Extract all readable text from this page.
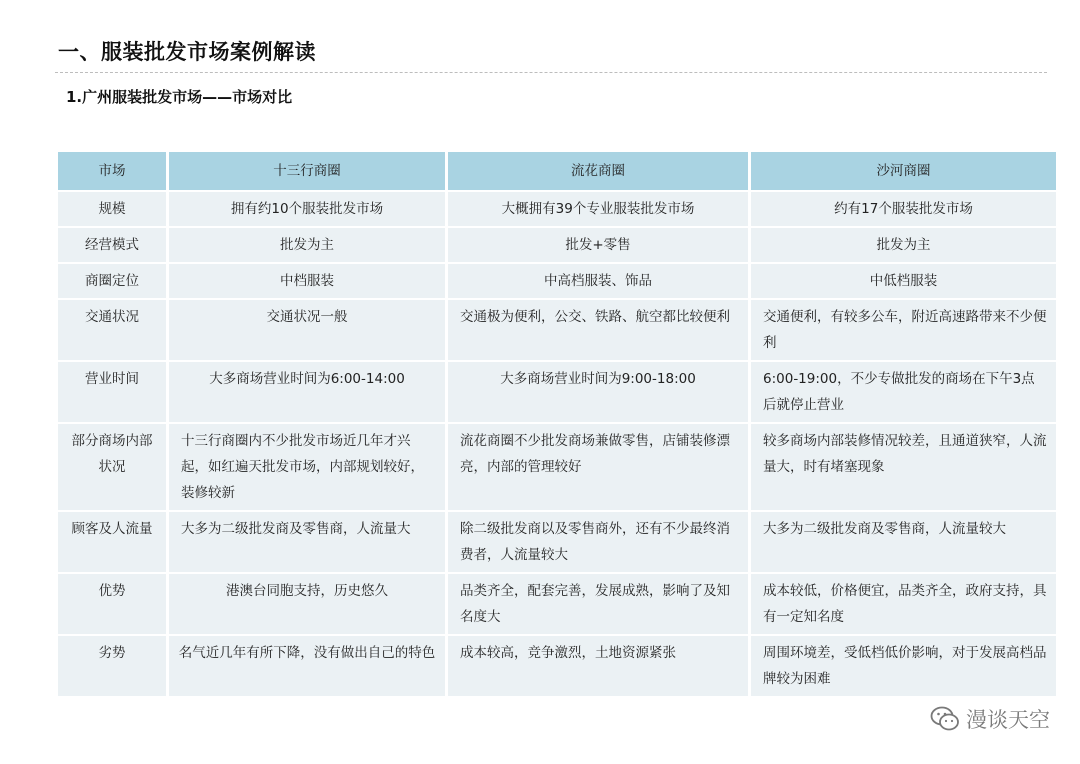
一、服装批发市场案例解读
1.广州服装批发市场——市场对比
市场	十三行商圈	流花商圈	沙河商圈
规模	拥有约10个服装批发市场	大概拥有39个专业服装批发市场	约有17个服装批发市场
经营模式	批发为主	批发+零售	批发为主
商圈定位	中档服装	中高档服装、饰品	中低档服装
交通状况	交通状况一般	交通极为便利，公交、铁路、航空都比较便利	交通便利，有较多公车，附近高速路带来不少便利
营业时间	大多商场营业时间为6:00-14:00	大多商场营业时间为9:00-18:00	6:00-19:00，不少专做批发的商场在下午3点后就停止营业
部分商场内部状况	十三行商圈内不少批发市场近几年才兴起，如红遍天批发市场，内部规划较好，装修较新	流花商圈不少批发商场兼做零售，店铺装修漂亮，内部的管理较好	较多商场内部装修情况较差，且通道狭窄，人流量大，时有堵塞现象
顾客及人流量	大多为二级批发商及零售商，人流量大	除二级批发商以及零售商外，还有不少最终消费者，人流量较大	大多为二级批发商及零售商，人流量较大
优势	港澳台同胞支持，历史悠久	品类齐全，配套完善，发展成熟，影响了及知名度大	成本较低，价格便宜，品类齐全，政府支持，具有一定知名度
劣势	名气近几年有所下降，没有做出自己的特色	成本较高，竞争激烈，土地资源紧张	周围环境差，受低档低价影响，对于发展高档品牌较为困难
漫谈天空
